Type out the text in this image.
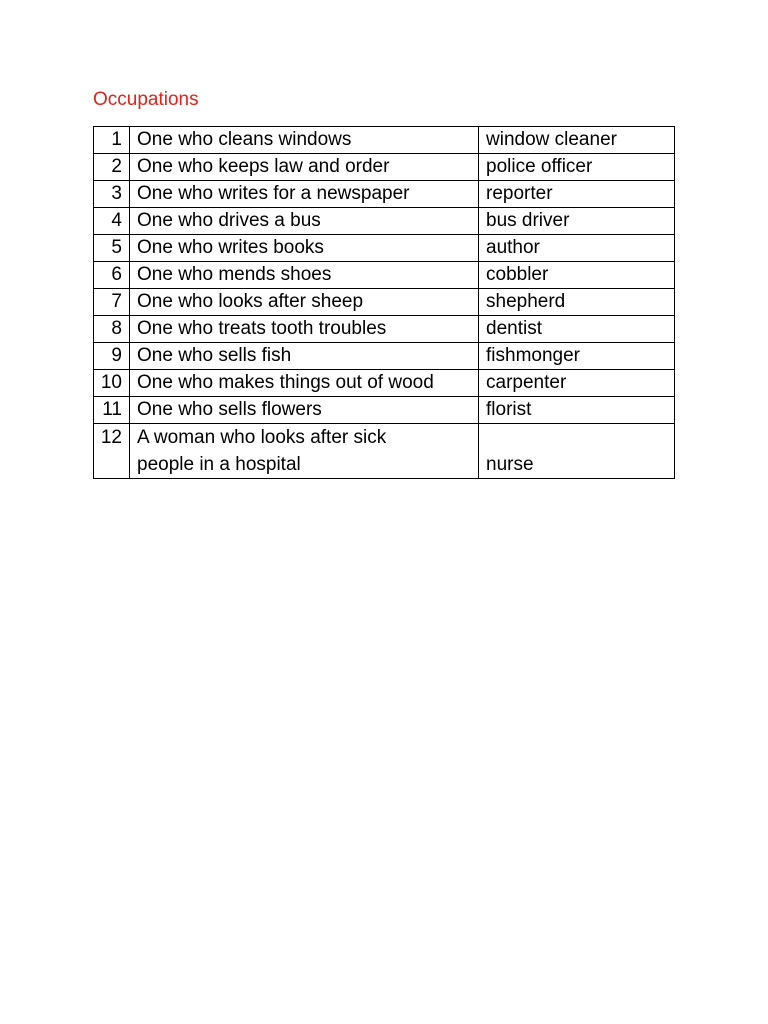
Occupations
1	One who cleans windows	window cleaner
2	One who keeps law and order	police officer
3	One who writes for a newspaper	reporter
4	One who drives a bus	bus driver
5	One who writes books	author
6	One who mends shoes	cobbler
7	One who looks after sheep	shepherd
8	One who treats tooth troubles	dentist
9	One who sells fish	fishmonger
10	One who makes things out of wood	carpenter
11	One who sells flowers	florist
12	A woman who looks after sick
people in a hospital	nurse
